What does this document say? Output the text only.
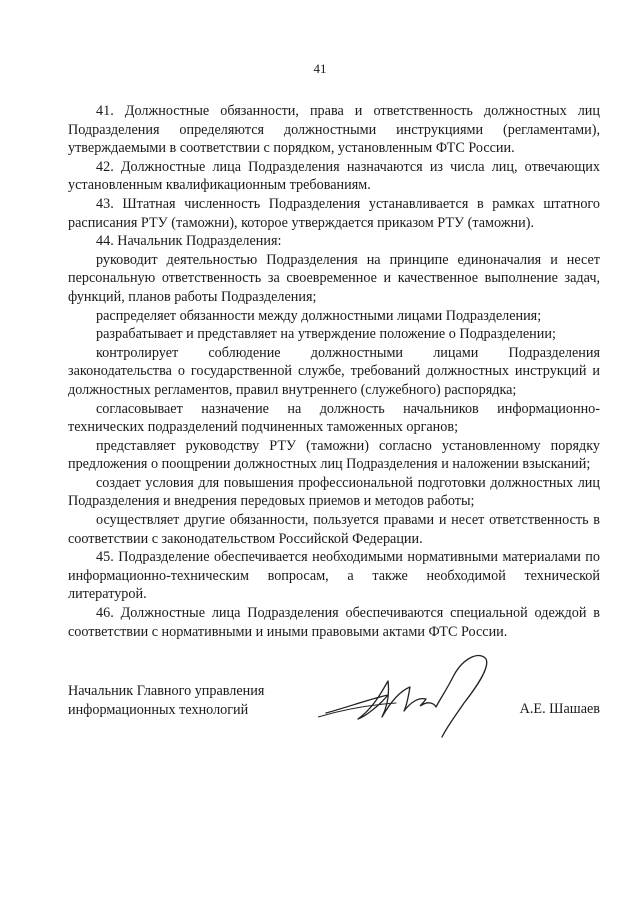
41

41. Должностные обязанности, права и ответственность должностных лиц Подразделения определяются должностными инструкциями (регламентами), утверждаемыми в соответствии с порядком, установленным ФТС России.

42. Должностные лица Подразделения назначаются из числа лиц, отвечающих установленным квалификационным требованиям.

43. Штатная численность Подразделения устанавливается в рамках штатного расписания РТУ (таможни), которое утверждается приказом РТУ (таможни).

44. Начальник Подразделения:

руководит деятельностью Подразделения на принципе единоначалия и несет персональную ответственность за своевременное и качественное выполнение задач, функций, планов работы Подразделения;

распределяет обязанности между должностными лицами Подразделения;

разрабатывает и представляет на утверждение положение о Подразделении;

контролирует соблюдение должностными лицами Подразделения законодательства о государственной службе, требований должностных инструкций и должностных регламентов, правил внутреннего (служебного) распорядка;

согласовывает назначение на должность начальников информационно-технических подразделений подчиненных таможенных органов;

представляет руководству РТУ (таможни) согласно установленному порядку предложения о поощрении должностных лиц Подразделения и наложении взысканий;

создает условия для повышения профессиональной подготовки должностных лиц Подразделения и внедрения передовых приемов и методов работы;

осуществляет другие обязанности, пользуется правами и несет ответственность в соответствии с законодательством Российской Федерации.

45. Подразделение обеспечивается необходимыми нормативными материалами по информационно-техническим вопросам, а также необходимой технической литературой.

46. Должностные лица Подразделения обеспечиваются специальной одеждой в соответствии с нормативными и иными правовыми актами ФТС России.

Начальник Главного управления
информационных технологий	А.Е. Шашаев
